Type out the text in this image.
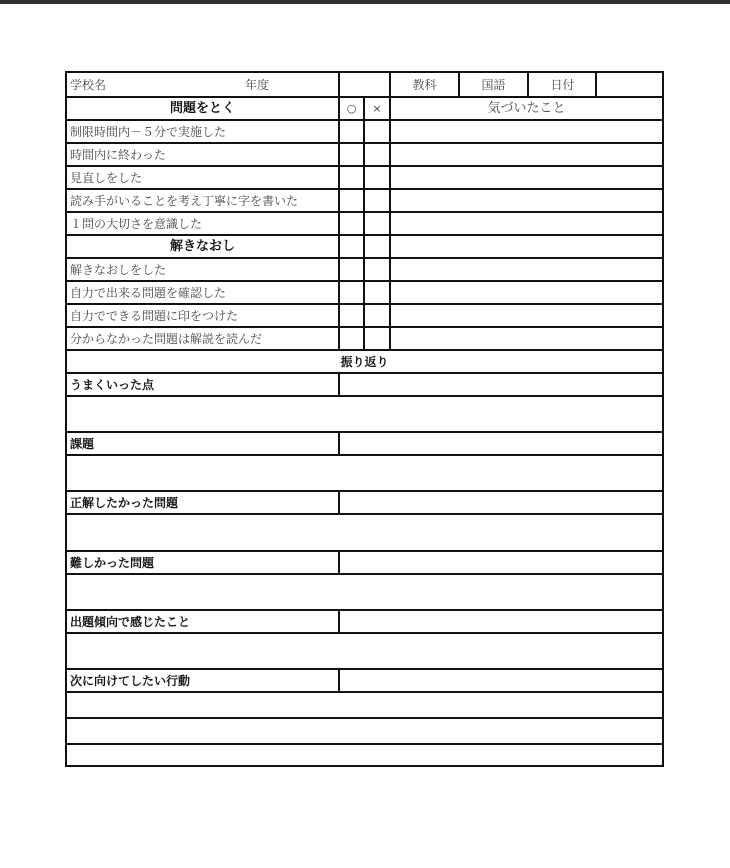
学校名	年度	教科	国語	日付
問題をとく	○	×	気づいたこと
制限時間内－５分で実施した
時間内に終わった
見直しをした
読み手がいることを考え丁寧に字を書いた
１問の大切さを意識した
解きなおし
解きなおしをした
自力で出来る問題を確認した
自力でできる問題に印をつけた
分からなかった問題は解説を読んだ
振り返り
うまくいった点
課題
正解したかった問題
難しかった問題
出題傾向で感じたこと
次に向けてしたい行動
